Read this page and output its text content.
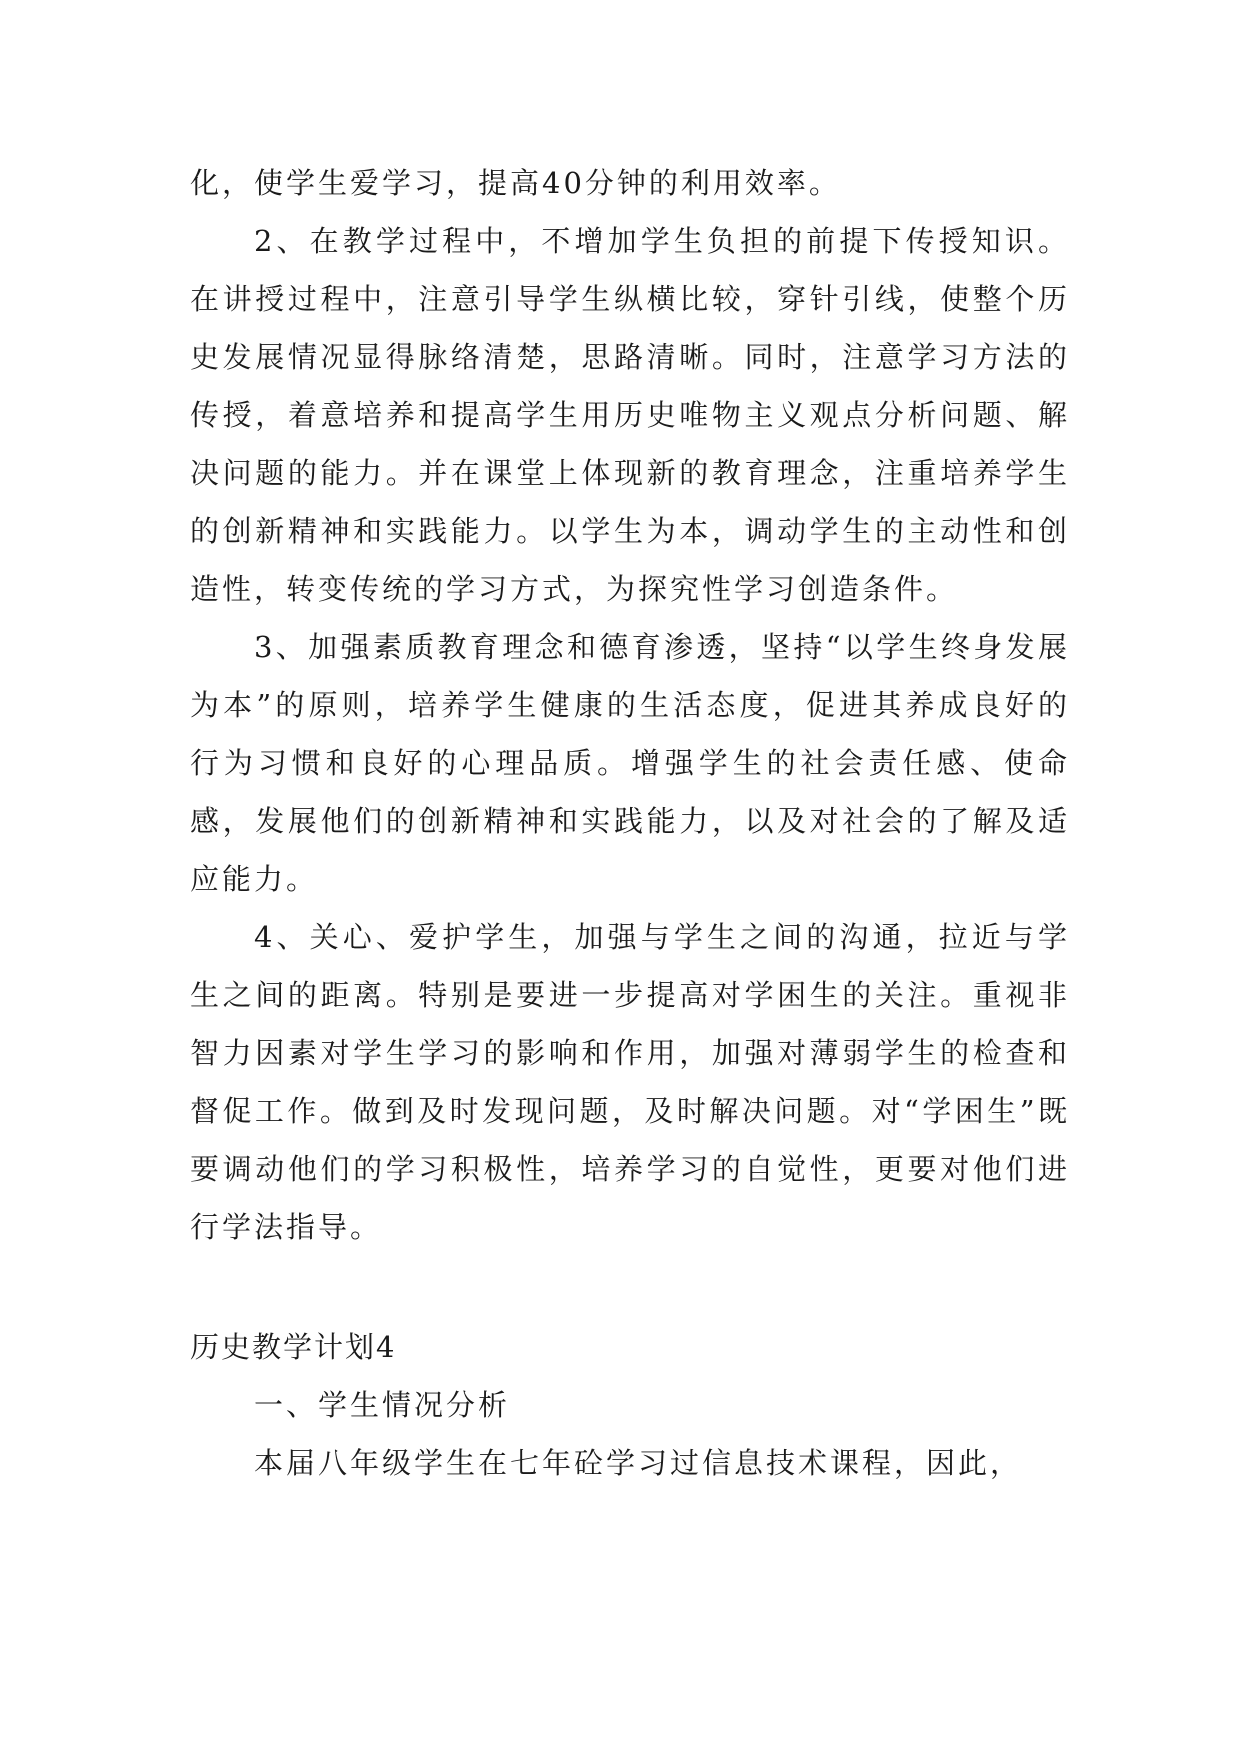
化，使学生爱学习，提高40分钟的利用效率。

2、在教学过程中，不增加学生负担的前提下传授知识。在讲授过程中，注意引导学生纵横比较，穿针引线，使整个历史发展情况显得脉络清楚，思路清晰。同时，注意学习方法的传授，着意培养和提高学生用历史唯物主义观点分析问题、解决问题的能力。并在课堂上体现新的教育理念，注重培养学生的创新精神和实践能力。以学生为本，调动学生的主动性和创造性，转变传统的学习方式，为探究性学习创造条件。

3、加强素质教育理念和德育渗透，坚持“以学生终身发展为本”的原则，培养学生健康的生活态度，促进其养成良好的行为习惯和良好的心理品质。增强学生的社会责任感、使命感，发展他们的创新精神和实践能力，以及对社会的了解及适应能力。

4、关心、爱护学生，加强与学生之间的沟通，拉近与学生之间的距离。特别是要进一步提高对学困生的关注。重视非智力因素对学生学习的影响和作用，加强对薄弱学生的检查和督促工作。做到及时发现问题，及时解决问题。对“学困生”既要调动他们的学习积极性，培养学习的自觉性，更要对他们进行学法指导。

历史教学计划4

一、学生情况分析

本届八年级学生在七年砼学习过信息技术课程，因此，
